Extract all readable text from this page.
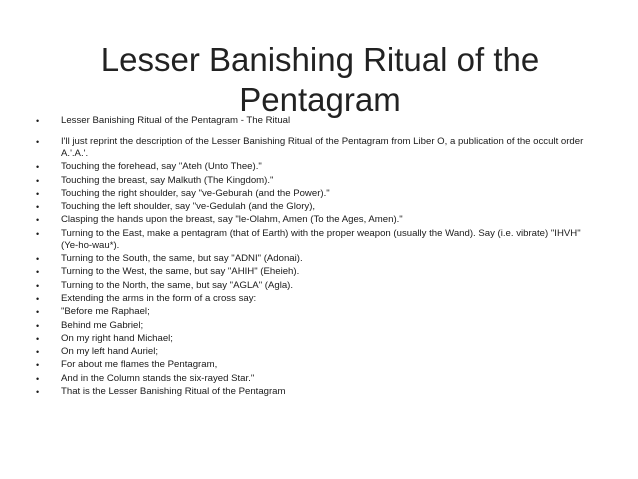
Lesser Banishing Ritual of the
Pentagram
•	Lesser Banishing Ritual of the Pentagram - The Ritual
•	I'll just reprint the description of the Lesser Banishing Ritual of the Pentagram from Liber O, a publication of the occult order A.'.A.'.
•	Touching the forehead, say "Ateh (Unto Thee)."
•	Touching the breast, say Malkuth (The Kingdom)."
•	Touching the right shoulder, say "ve-Geburah (and the Power)."
•	Touching the left shoulder, say "ve-Gedulah (and the Glory),
•	Clasping the hands upon the breast, say "le-Olahm, Amen (To the Ages, Amen)."
•	Turning to the East, make a pentagram (that of Earth) with the proper weapon (usually the Wand). Say (i.e. vibrate) "IHVH" (Ye-ho-wau*).
•	Turning to the South, the same, but say "ADNI" (Adonai).
•	Turning to the West, the same, but say "AHIH" (Eheieh).
•	Turning to the North, the same, but say "AGLA" (Agla).
•	Extending the arms in the form of a cross say:
•	"Before me Raphael;
•	Behind me Gabriel;
•	On my right hand Michael;
•	On my left hand Auriel;
•	For about me flames the Pentagram,
•	And in the Column stands the six-rayed Star."
•	That is the Lesser Banishing Ritual of the Pentagram
